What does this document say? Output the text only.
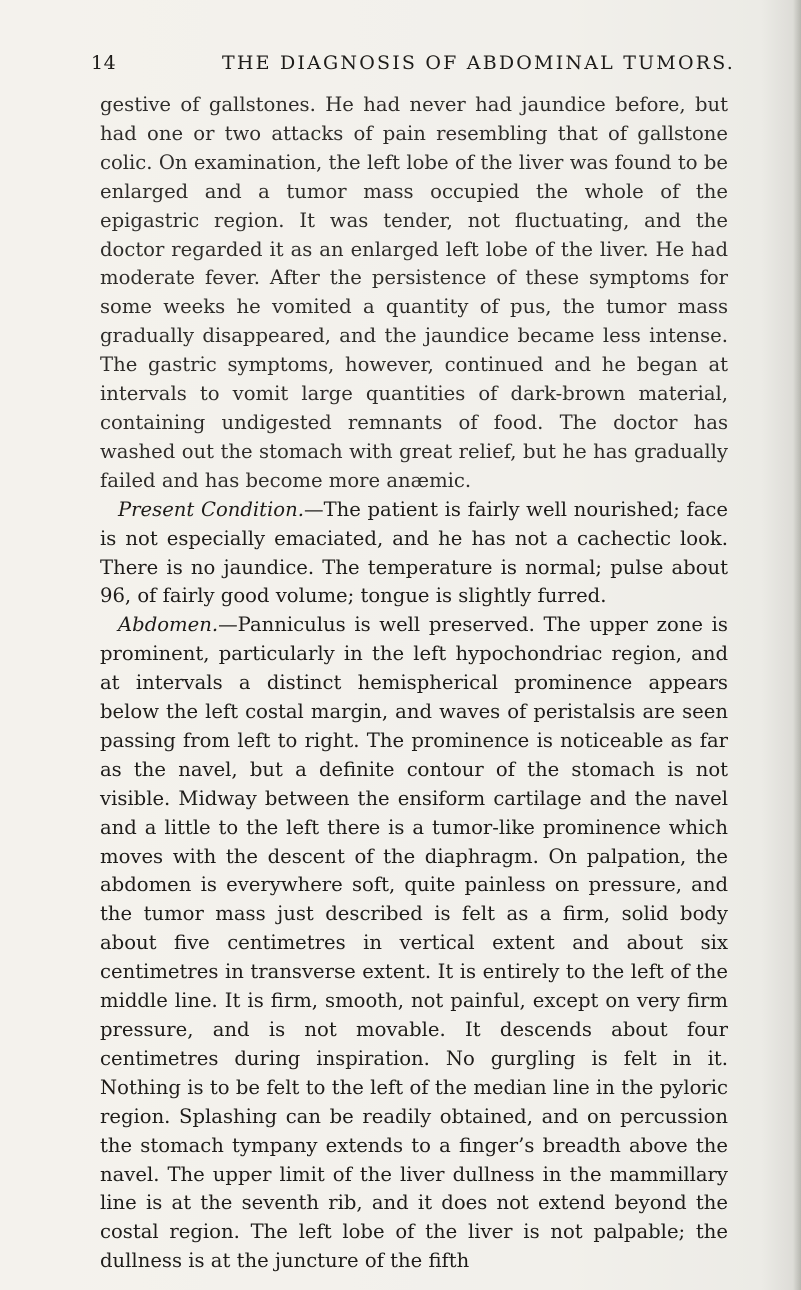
14	THE DIAGNOSIS OF ABDOMINAL TUMORS.

gestive of gallstones. He had never had jaundice before, but had one or two attacks of pain resembling that of gallstone colic. On examination, the left lobe of the liver was found to be enlarged and a tumor mass occupied the whole of the epigastric region. It was tender, not fluctuating, and the doctor regarded it as an enlarged left lobe of the liver. He had moderate fever. After the persistence of these symptoms for some weeks he vomited a quantity of pus, the tumor mass gradually disappeared, and the jaundice became less intense. The gastric symptoms, however, continued and he began at intervals to vomit large quantities of dark-brown material, containing undigested remnants of food. The doctor has washed out the stomach with great relief, but he has gradually failed and has become more anæmic.

Present Condition.—The patient is fairly well nourished; face is not especially emaciated, and he has not a cachectic look. There is no jaundice. The temperature is normal; pulse about 96, of fairly good volume; tongue is slightly furred.

Abdomen.—Panniculus is well preserved. The upper zone is prominent, particularly in the left hypochondriac region, and at intervals a distinct hemispherical prominence appears below the left costal margin, and waves of peristalsis are seen passing from left to right. The prominence is noticeable as far as the navel, but a definite contour of the stomach is not visible. Midway between the ensiform cartilage and the navel and a little to the left there is a tumor-like prominence which moves with the descent of the diaphragm. On palpation, the abdomen is everywhere soft, quite painless on pressure, and the tumor mass just described is felt as a firm, solid body about five centimetres in vertical extent and about six centimetres in transverse extent. It is entirely to the left of the middle line. It is firm, smooth, not painful, except on very firm pressure, and is not movable. It descends about four centimetres during inspiration. No gurgling is felt in it. Nothing is to be felt to the left of the median line in the pyloric region. Splashing can be readily obtained, and on percussion the stomach tympany extends to a finger’s breadth above the navel. The upper limit of the liver dullness in the mammillary line is at the seventh rib, and it does not extend beyond the costal region. The left lobe of the liver is not palpable; the dullness is at the juncture of the fifth
